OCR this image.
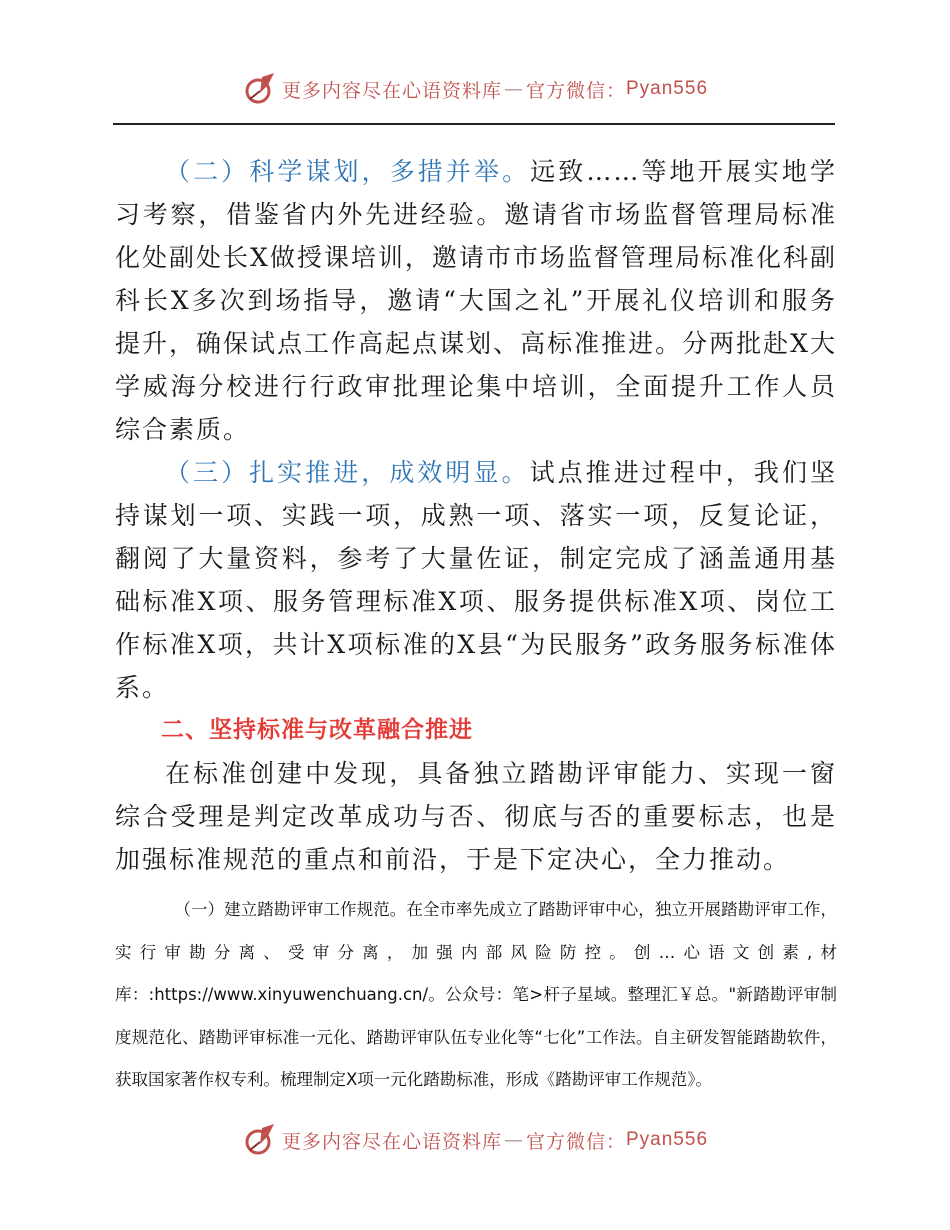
更多内容尽在心语资料库 — 官方微信： Pyan556

（二）科学谋划，多措并举。远致……等地开展实地学习考察，借鉴省内外先进经验。邀请省市场监督管理局标准化处副处长X做授课培训，邀请市市场监督管理局标准化科副科长X多次到场指导，邀请“大国之礼”开展礼仪培训和服务提升，确保试点工作高起点谋划、高标准推进。分两批赴X大学威海分校进行行政审批理论集中培训，全面提升工作人员综合素质。

（三）扎实推进，成效明显。试点推进过程中，我们坚持谋划一项、实践一项，成熟一项、落实一项，反复论证，翻阅了大量资料，参考了大量佐证，制定完成了涵盖通用基础标准X项、服务管理标准X项、服务提供标准X项、岗位工作标准X项，共计X项标准的X县“为民服务”政务服务标准体系。

二、坚持标准与改革融合推进

在标准创建中发现，具备独立踏勘评审能力、实现一窗综合受理是判定改革成功与否、彻底与否的重要标志，也是加强标准规范的重点和前沿，于是下定决心，全力推动。

（一）建立踏勘评审工作规范。在全市率先成立了踏勘评审中心，独立开展踏勘评审工作，实行审勘分离、受审分离，加强内部风险防控。创…心语文创素,材库：:https://www.xinyuwenchuang.cn/。公众号：笔>杆子星域。整理汇￥总。"新踏勘评审制度规范化、踏勘评审标准一元化、踏勘评审队伍专业化等“七化”工作法。自主研发智能踏勘软件，获取国家著作权专利。梳理制定X项一元化踏勘标准，形成《踏勘评审工作规范》。

更多内容尽在心语资料库 — 官方微信： Pyan556
